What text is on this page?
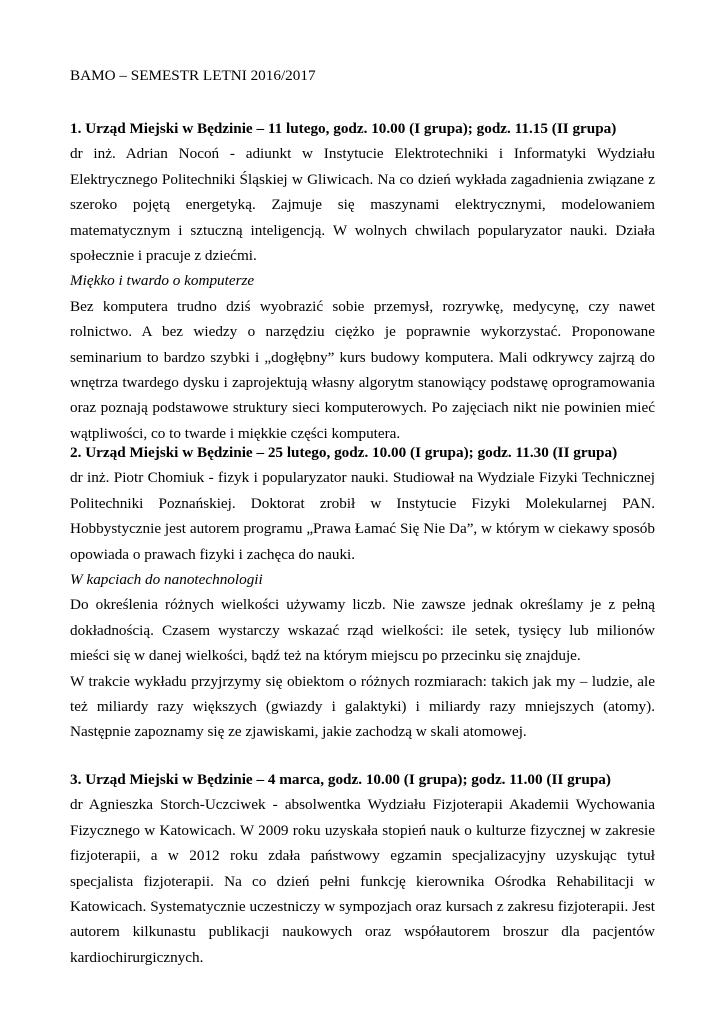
BAMO – SEMESTR LETNI 2016/2017
1. Urząd Miejski w Będzinie – 11 lutego, godz. 10.00 (I grupa); godz. 11.15 (II grupa)

dr inż. Adrian Nocoń - adiunkt w Instytucie Elektrotechniki i Informatyki Wydziału Elektrycznego Politechniki Śląskiej w Gliwicach. Na co dzień wykłada zagadnienia związane z szeroko pojętą energetyką. Zajmuje się maszynami elektrycznymi, modelowaniem matematycznym i sztuczną inteligencją. W wolnych chwilach popularyzator nauki. Działa społecznie i pracuje z dziećmi.

Miękko i twardo o komputerze

Bez komputera trudno dziś wyobrazić sobie przemysł, rozrywkę, medycynę, czy nawet rolnictwo. A bez wiedzy o narzędziu ciężko je poprawnie wykorzystać. Proponowane seminarium to bardzo szybki i „dogłębny” kurs budowy komputera. Mali odkrywcy zajrzą do wnętrza twardego dysku i zaprojektują własny algorytm stanowiący podstawę oprogramowania oraz poznają podstawowe struktury sieci komputerowych. Po zajęciach nikt nie powinien mieć wątpliwości, co to twarde i miękkie części komputera.

2. Urząd Miejski w Będzinie – 25 lutego, godz. 10.00 (I grupa); godz. 11.30 (II grupa)

dr inż. Piotr Chomiuk - fizyk i popularyzator nauki. Studiował na Wydziale Fizyki Technicznej Politechniki Poznańskiej. Doktorat zrobił w Instytucie Fizyki Molekularnej PAN. Hobbystycznie jest autorem programu „Prawa Łamać Się Nie Da”, w którym w ciekawy sposób opowiada o prawach fizyki i zachęca do nauki.

W kapciach do nanotechnologii

Do określenia różnych wielkości używamy liczb. Nie zawsze jednak określamy je z pełną dokładnością. Czasem wystarczy wskazać rząd wielkości: ile setek, tysięcy lub milionów mieści się w danej wielkości, bądź też na którym miejscu po przecinku się znajduje.

W trakcie wykładu przyjrzymy się obiektom o różnych rozmiarach: takich jak my – ludzie, ale też miliardy razy większych (gwiazdy i galaktyki) i miliardy razy mniejszych (atomy). Następnie zapoznamy się ze zjawiskami, jakie zachodzą w skali atomowej.

3. Urząd Miejski w Będzinie – 4 marca, godz. 10.00 (I grupa); godz. 11.00 (II grupa)

dr Agnieszka Storch-Uczciwek - absolwentka Wydziału Fizjoterapii Akademii Wychowania Fizycznego w Katowicach. W 2009 roku uzyskała stopień nauk o kulturze fizycznej w zakresie fizjoterapii, a w 2012 roku zdała państwowy egzamin specjalizacyjny uzyskując tytuł specjalista fizjoterapii. Na co dzień pełni funkcję kierownika Ośrodka Rehabilitacji w Katowicach. Systematycznie uczestniczy w sympozjach oraz kursach z zakresu fizjoterapii. Jest autorem kilkunastu publikacji naukowych oraz współautorem broszur dla pacjentów kardiochirurgicznych.
